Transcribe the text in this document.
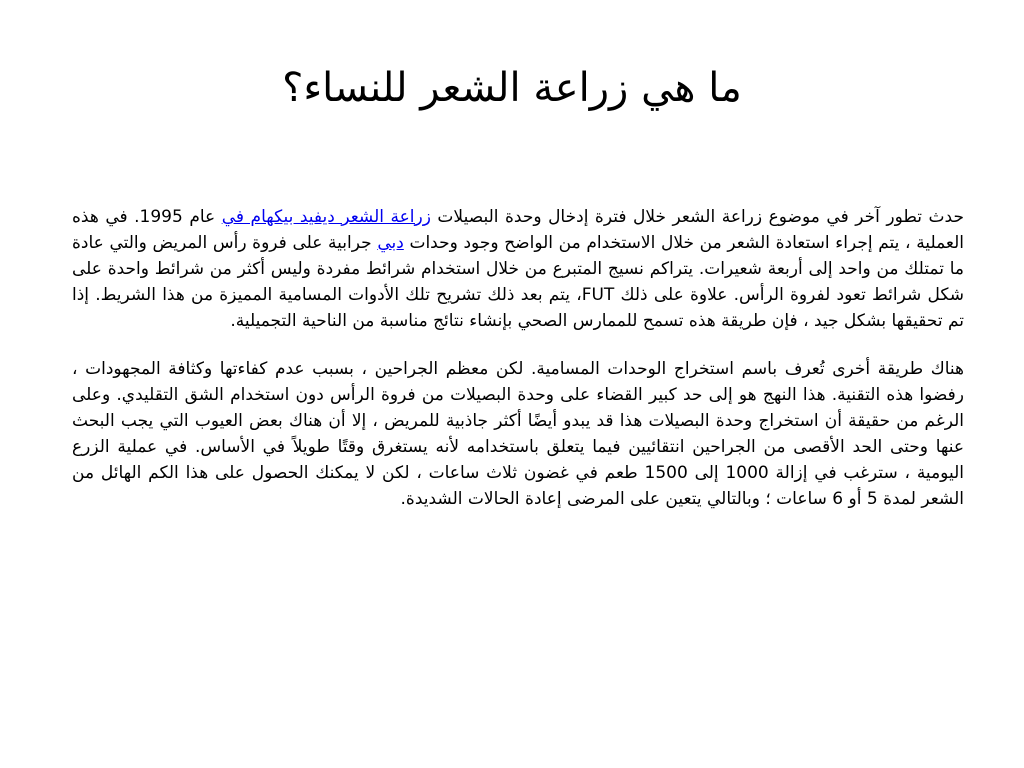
ما هي زراعة الشعر للنساء؟

حدث تطور آخر في موضوع زراعة الشعر خلال فترة إدخال وحدة البصيلات زراعة الشعر ديفيد بيكهام في عام 1995. في هذه العملية ، يتم إجراء استعادة الشعر من خلال الاستخدام من الواضح وجود وحدات دبي جرابية على فروة رأس المريض والتي عادة ما تمتلك من واحد إلى أربعة شعيرات. يتراكم نسيج المتبرع من خلال استخدام شرائط مفردة وليس أكثر من شرائط واحدة على شكل شرائط تعود لفروة الرأس. علاوة على ذلك FUT، يتم بعد ذلك تشريح تلك الأدوات المسامية المميزة من هذا الشريط. إذا تم تحقيقها بشكل جيد ، فإن طريقة هذه تسمح للممارس الصحي بإنشاء نتائج مناسبة من الناحية التجميلية.

هناك طريقة أخرى تُعرف باسم استخراج الوحدات المسامية. لكن معظم الجراحين ، بسبب عدم كفاءتها وكثافة المجهودات ، رفضوا هذه التقنية. هذا النهج هو إلى حد كبير القضاء على وحدة البصيلات من فروة الرأس دون استخدام الشق التقليدي. وعلى الرغم من حقيقة أن استخراج وحدة البصيلات هذا قد يبدو أيضًا أكثر جاذبية للمريض ، إلا أن هناك بعض العيوب التي يجب البحث عنها وحتى الحد الأقصى من الجراحين انتقائيين فيما يتعلق باستخدامه لأنه يستغرق وقتًا طويلاً في الأساس. في عملية الزرع اليومية ، سترغب في إزالة 1000 إلى 1500 طعم في غضون ثلاث ساعات ، لكن لا يمكنك الحصول على هذا الكم الهائل من الشعر لمدة 5 أو 6 ساعات ؛ وبالتالي يتعين على المرضى إعادة الحالات الشديدة.
